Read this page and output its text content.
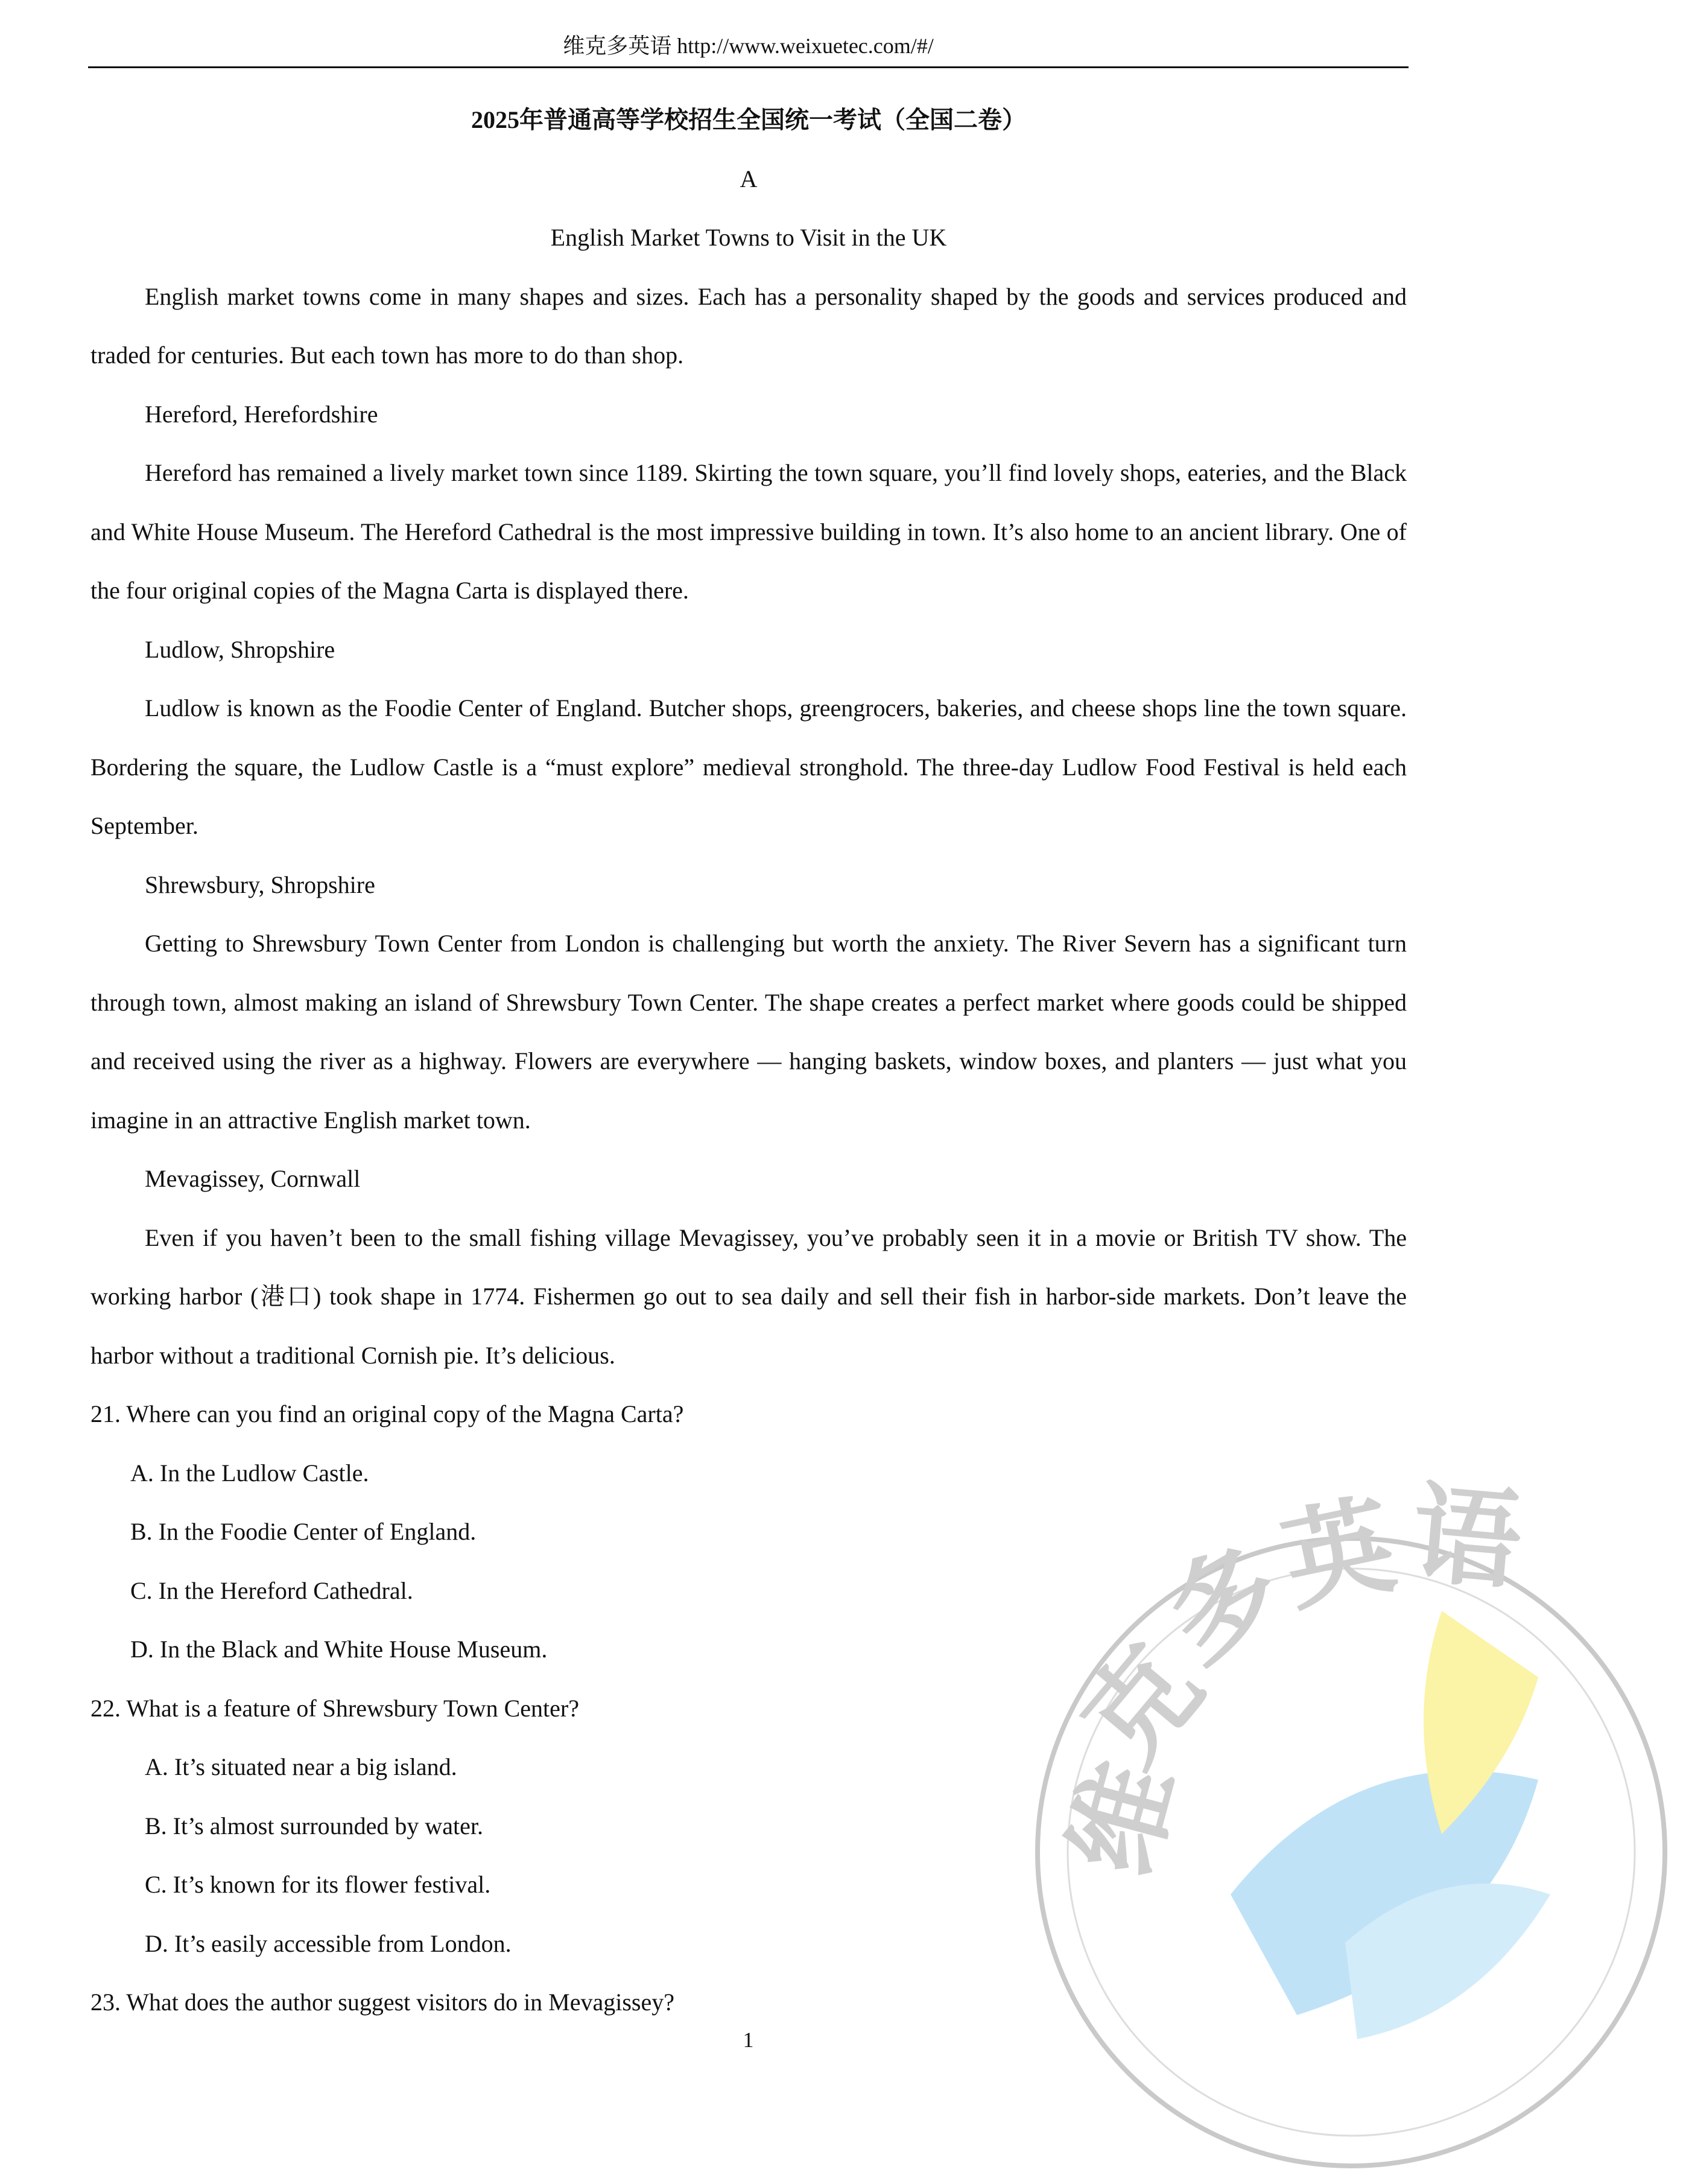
维克多英语 http://www.weixuetec.com/#/
维
克
多
英 语
2025年普通高等学校招生全国统一考试（全国二卷）
A
English Market Towns to Visit in the UK

English market towns come in many shapes and sizes. Each has a personality shaped by the goods and services produced and traded for centuries. But each town has more to do than shop.

Hereford, Herefordshire

Hereford has remained a lively market town since 1189. Skirting the town square, you’ll find lovely shops, eateries, and the Black and White House Museum. The Hereford Cathedral is the most impressive building in town. It’s also home to an ancient library. One of the four original copies of the Magna Carta is displayed there.

Ludlow, Shropshire

Ludlow is known as the Foodie Center of England. Butcher shops, greengrocers, bakeries, and cheese shops line the town square. Bordering the square, the Ludlow Castle is a “must explore” medieval stronghold. The three-day Ludlow Food Festival is held each September.

Shrewsbury, Shropshire

Getting to Shrewsbury Town Center from London is challenging but worth the anxiety. The River Severn has a significant turn through town, almost making an island of Shrewsbury Town Center. The shape creates a perfect market where goods could be shipped and received using the river as a highway. Flowers are everywhere — hanging baskets, window boxes, and planters — just what you imagine in an attractive English market town.

Mevagissey, Cornwall

Even if you haven’t been to the small fishing village Mevagissey, you’ve probably seen it in a movie or British TV show. The working harbor (港口) took shape in 1774. Fishermen go out to sea daily and sell their fish in harbor-side markets. Don’t leave the harbor without a traditional Cornish pie. It’s delicious.

21. Where can you find an original copy of the Magna Carta?

A. In the Ludlow Castle.

B. In the Foodie Center of England.

C. In the Hereford Cathedral.

D. In the Black and White House Museum.

22. What is a feature of Shrewsbury Town Center?

A. It’s situated near a big island.

B. It’s almost surrounded by water.

C. It’s known for its flower festival.

D. It’s easily accessible from London.

23. What does the author suggest visitors do in Mevagissey?

1
